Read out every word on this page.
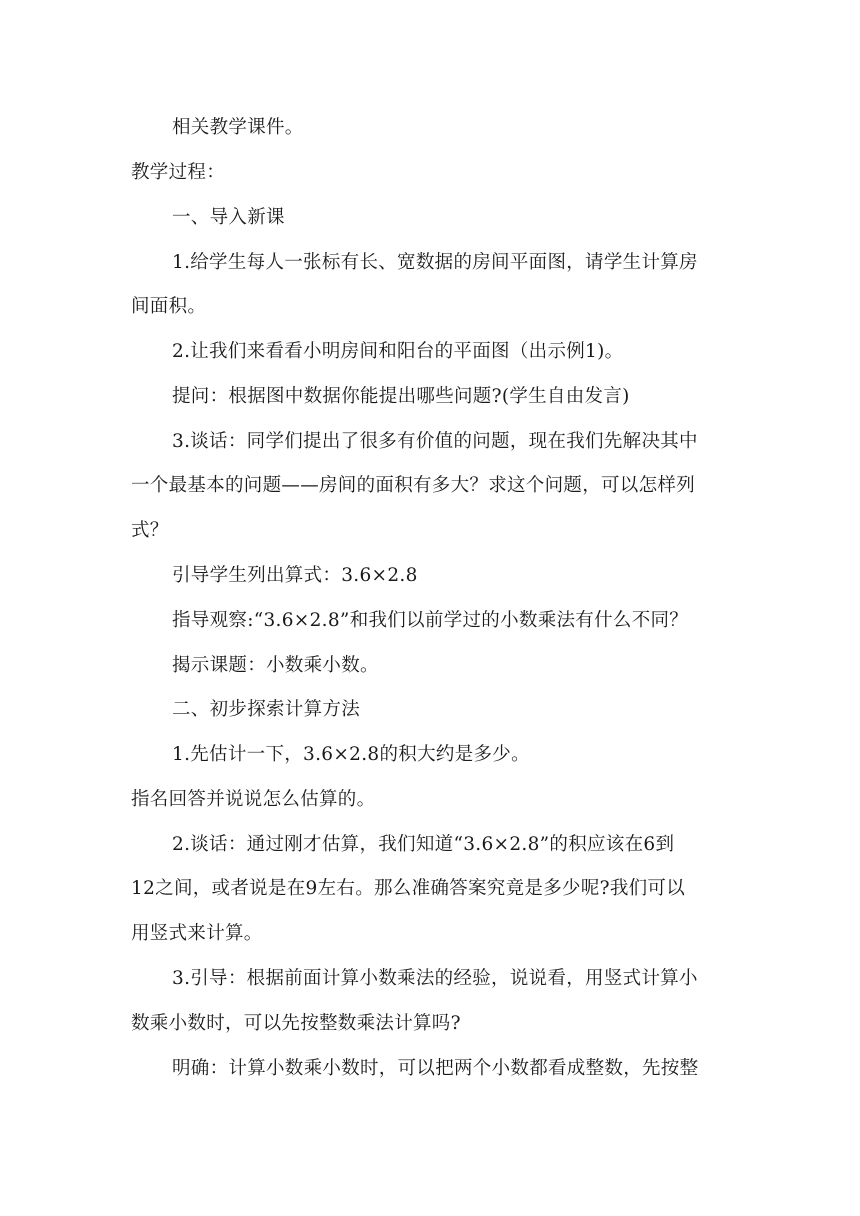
相关教学课件。
教学过程：
一、导入新课
1.给学生每人一张标有长、宽数据的房间平面图，请学生计算房
间面积。
2.让我们来看看小明房间和阳台的平面图（出示例1)。
提问：根据图中数据你能提出哪些问题?(学生自由发言)
3.谈话：同学们提出了很多有价值的问题，现在我们先解决其中
一个最基本的问题——房间的面积有多大？求这个问题，可以怎样列
式？
引导学生列出算式：3.6×2.8
指导观察:“3.6×2.8”和我们以前学过的小数乘法有什么不同？
揭示课题：小数乘小数。
二、初步探索计算方法
1.先估计一下，3.6×2.8的积大约是多少。
指名回答并说说怎么估算的。
2.谈话：通过刚才估算，我们知道“3.6×2.8”的积应该在6到
12之间，或者说是在9左右。那么准确答案究竟是多少呢?我们可以
用竖式来计算。
3.引导：根据前面计算小数乘法的经验，说说看，用竖式计算小
数乘小数时，可以先按整数乘法计算吗?
明确：计算小数乘小数时，可以把两个小数都看成整数，先按整
